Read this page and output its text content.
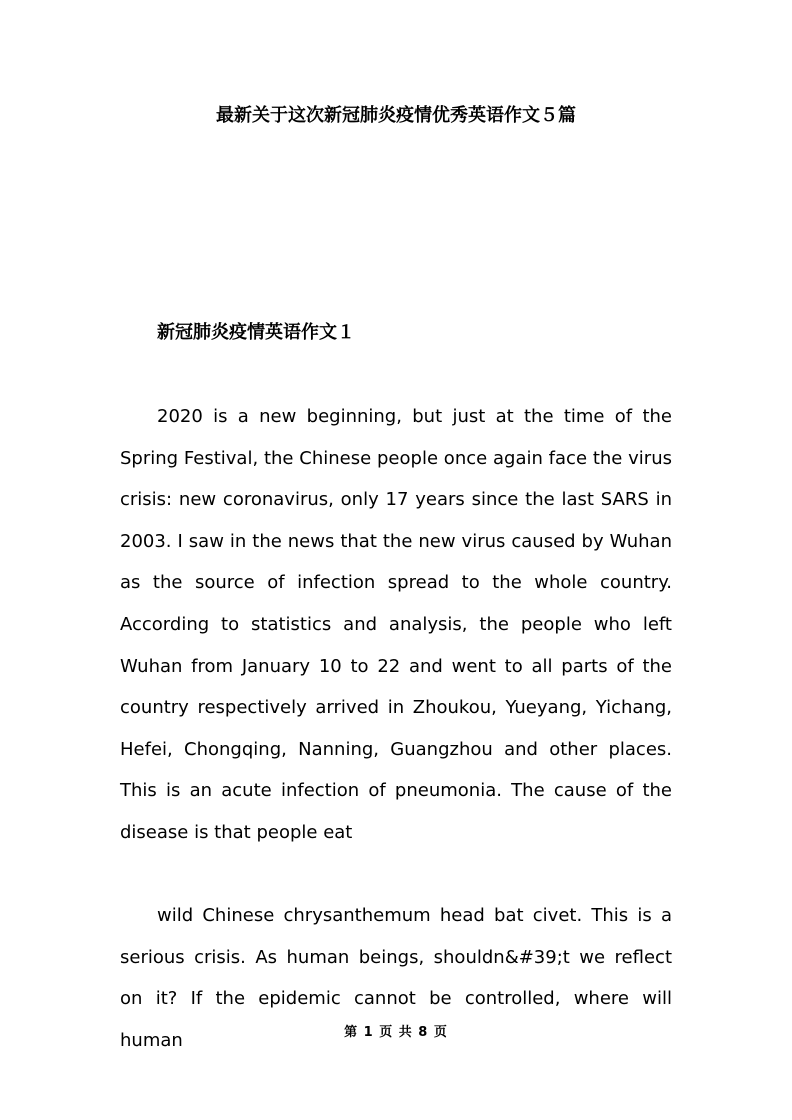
最新关于这次新冠肺炎疫情优秀英语作文５篇
新冠肺炎疫情英语作文１

2020 is a new beginning, but just at the time of the Spring Festival, the Chinese people once again face the virus crisis: new coronavirus, only 17 years since the last SARS in 2003. I saw in the news that the new virus caused by Wuhan as the source of infection spread to the whole country. According to statistics and analysis, the people who left Wuhan from January 10 to 22 and went to all parts of the country respectively arrived in Zhoukou, Yueyang, Yichang, Hefei, Chongqing, Nanning, Guangzhou and other places. This is an acute infection of pneumonia. The cause of the disease is that people eat

wild Chinese chrysanthemum head bat civet. This is a serious crisis. As human beings, shouldn&#39;t we reflect on it? If the epidemic cannot be controlled, where will human	第 1 页 共 8 页
